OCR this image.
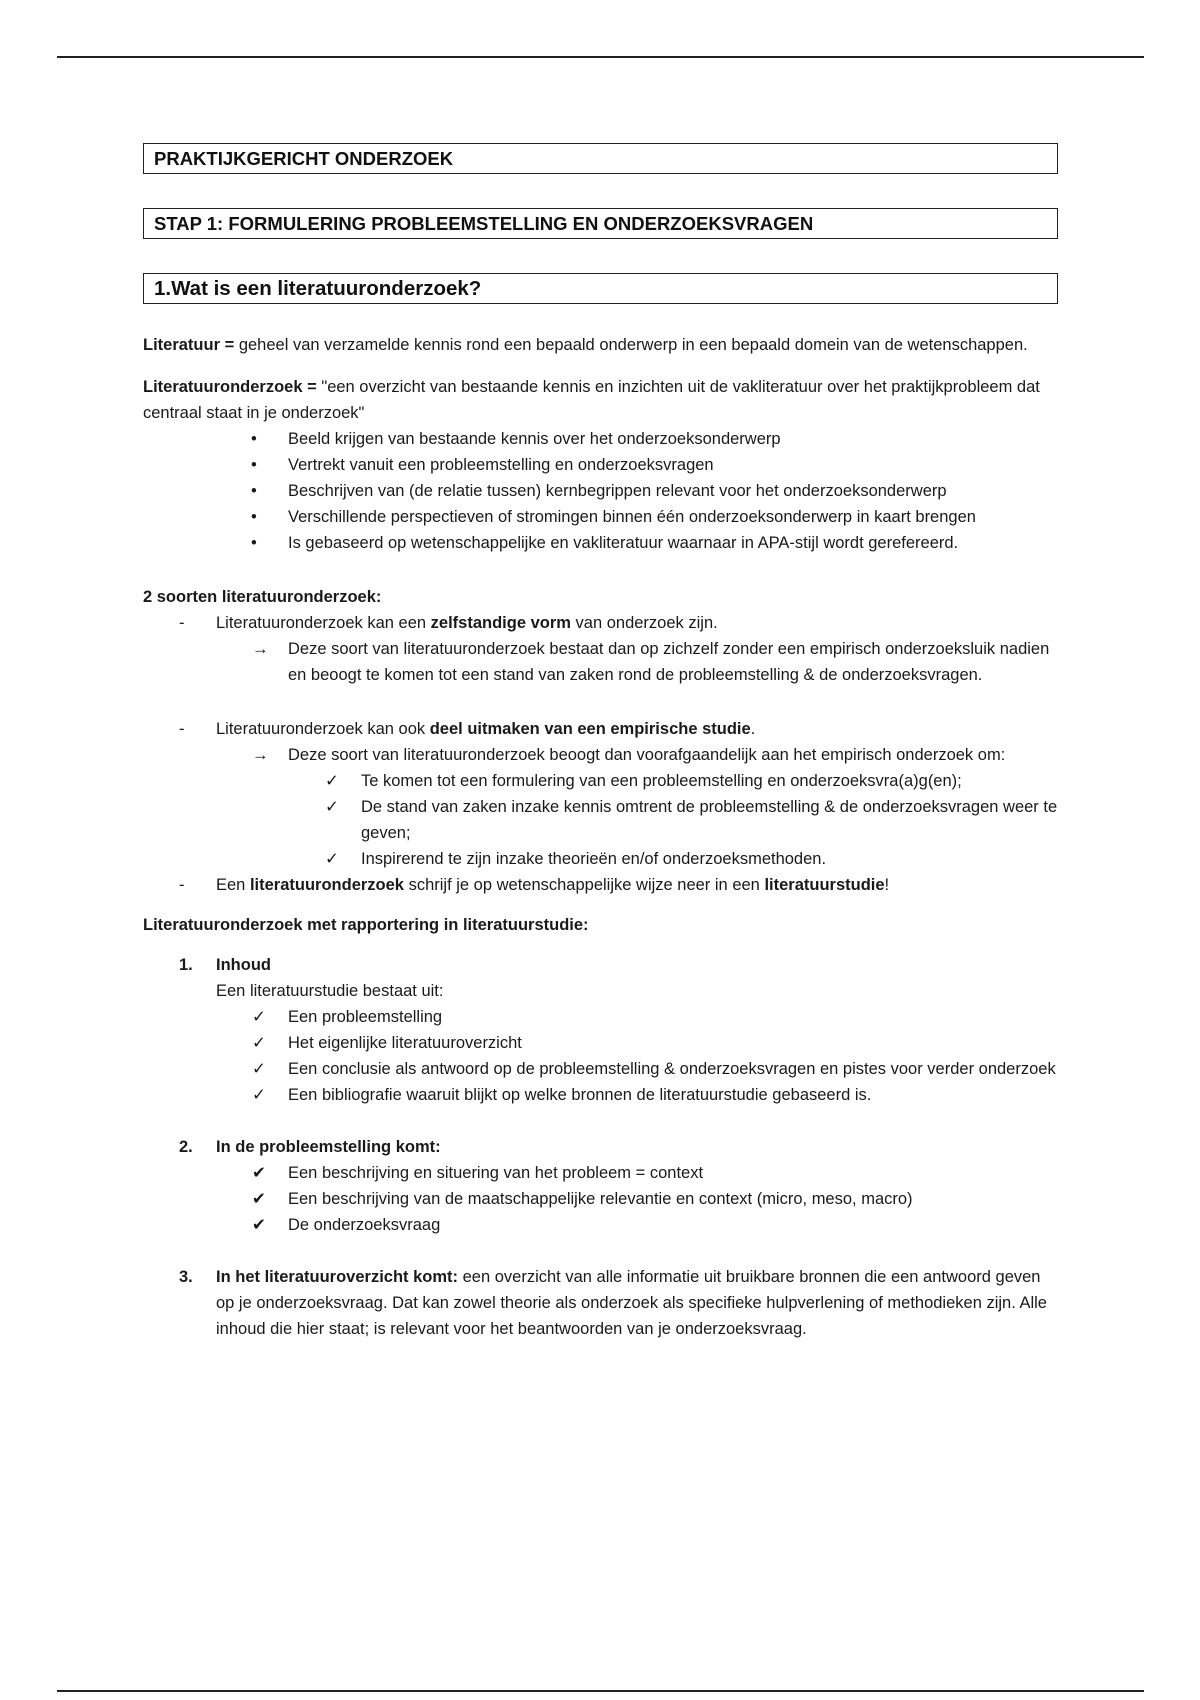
PRAKTIJKGERICHT ONDERZOEK
STAP 1: FORMULERING PROBLEEMSTELLING EN ONDERZOEKSVRAGEN
1.Wat is een literatuuronderzoek?

Literatuur = geheel van verzamelde kennis rond een bepaald onderwerp in een bepaald domein van de wetenschappen.

Literatuuronderzoek = "een overzicht van bestaande kennis en inzichten uit de vakliteratuur over het praktijkprobleem dat centraal staat in je onderzoek"

• Beeld krijgen van bestaande kennis over het onderzoeksonderwerp
• Vertrekt vanuit een probleemstelling en onderzoeksvragen
• Beschrijven van (de relatie tussen) kernbegrippen relevant voor het onderzoeksonderwerp
• Verschillende perspectieven of stromingen binnen één onderzoeksonderwerp in kaart brengen
• Is gebaseerd op wetenschappelijke en vakliteratuur waarnaar in APA-stijl wordt gerefereerd.

2 soorten literatuuronderzoek:

- Literatuuronderzoek kan een zelfstandige vorm van onderzoek zijn.
→ Deze soort van literatuuronderzoek bestaat dan op zichzelf zonder een empirisch onderzoeksluik nadien en beoogt te komen tot een stand van zaken rond de probleemstelling & de onderzoeksvragen.
- Literatuuronderzoek kan ook deel uitmaken van een empirische studie.
→ Deze soort van literatuuronderzoek beoogt dan voorafgaandelijk aan het empirisch onderzoek om:
✓ Te komen tot een formulering van een probleemstelling en onderzoeksvra(a)g(en);
✓ De stand van zaken inzake kennis omtrent de probleemstelling & de onderzoeksvragen weer te geven;
✓ Inspirerend te zijn inzake theorieën en/of onderzoeksmethoden.
- Een literatuuronderzoek schrijf je op wetenschappelijke wijze neer in een literatuurstudie!

Literatuuronderzoek met rapportering in literatuurstudie:

1. Inhoud
Een literatuurstudie bestaat uit:
✓ Een probleemstelling
✓ Het eigenlijke literatuuroverzicht
✓ Een conclusie als antwoord op de probleemstelling & onderzoeksvragen en pistes voor verder onderzoek
✓ Een bibliografie waaruit blijkt op welke bronnen de literatuurstudie gebaseerd is.
2. In de probleemstelling komt:
✔ Een beschrijving en situering van het probleem = context
✔ Een beschrijving van de maatschappelijke relevantie en context (micro, meso, macro)
✔ De onderzoeksvraag
3. In het literatuuroverzicht komt: een overzicht van alle informatie uit bruikbare bronnen die een antwoord geven op je onderzoeksvraag. Dat kan zowel theorie als onderzoek als specifieke hulpverlening of methodieken zijn. Alle inhoud die hier staat; is relevant voor het beantwoorden van je onderzoeksvraag.
